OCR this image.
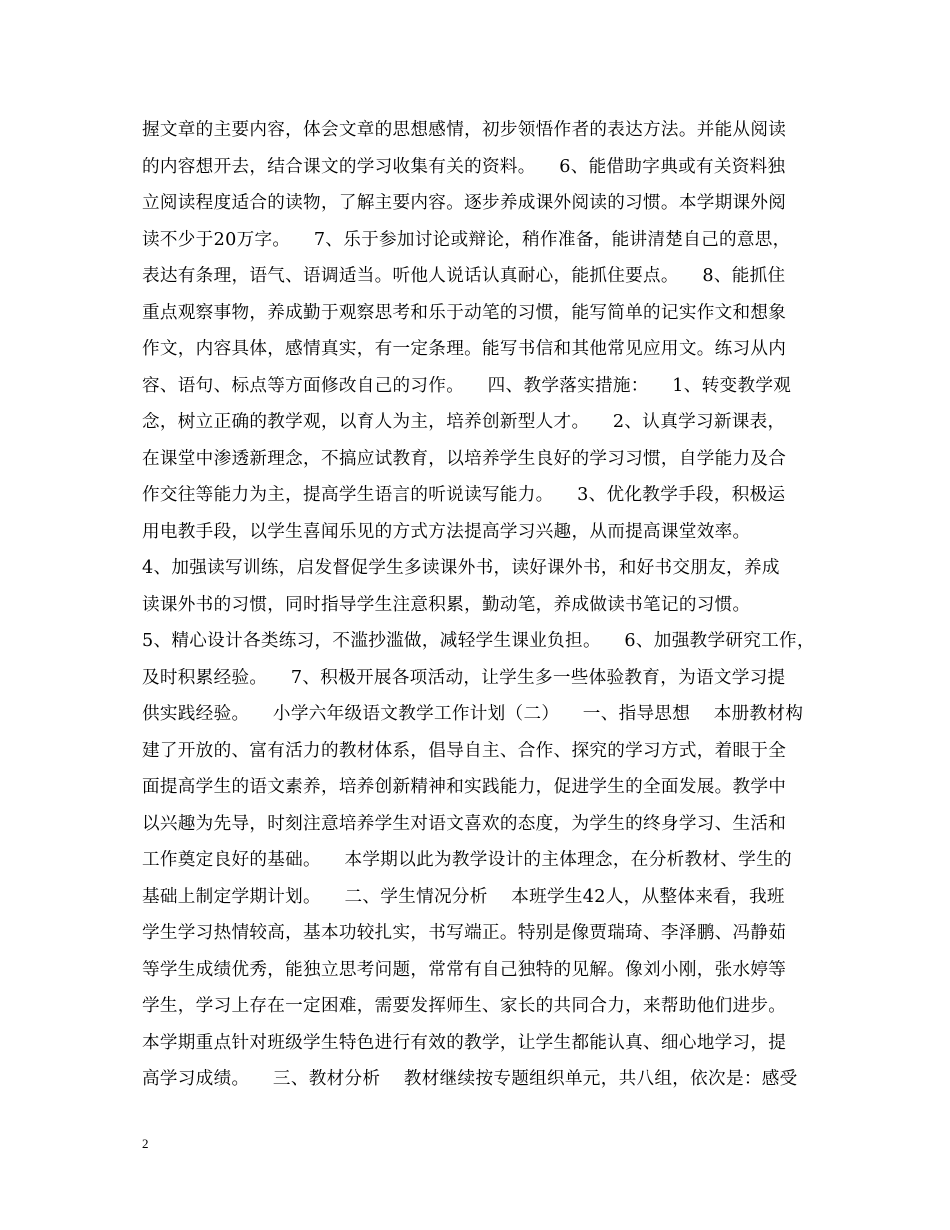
握文章的主要内容，体会文章的思想感情，初步领悟作者的表达方法。并能从阅读
的内容想开去，结合课文的学习收集有关的资料。    6、能借助字典或有关资料独
立阅读程度适合的读物，了解主要内容。逐步养成课外阅读的习惯。本学期课外阅
读不少于20万字。    7、乐于参加讨论或辩论，稍作准备，能讲清楚自己的意思，
表达有条理，语气、语调适当。听他人说话认真耐心，能抓住要点。    8、能抓住
重点观察事物，养成勤于观察思考和乐于动笔的习惯，能写简单的记实作文和想象
作文，内容具体，感情真实，有一定条理。能写书信和其他常见应用文。练习从内
容、语句、标点等方面修改自己的习作。    四、教学落实措施：    1、转变教学观
念，树立正确的教学观，以育人为主，培养创新型人才。    2、认真学习新课表，
在课堂中渗透新理念，不搞应试教育，以培养学生良好的学习习惯，自学能力及合
作交往等能力为主，提高学生语言的听说读写能力。    3、优化教学手段，积极运
用电教手段，以学生喜闻乐见的方式方法提高学习兴趣，从而提高课堂效率。
4、加强读写训练，启发督促学生多读课外书，读好课外书，和好书交朋友，养成
读课外书的习惯，同时指导学生注意积累，勤动笔，养成做读书笔记的习惯。
5、精心设计各类练习，不滥抄滥做，减轻学生课业负担。    6、加强教学研究工作，
及时积累经验。    7、积极开展各项活动，让学生多一些体验教育，为语文学习提
供实践经验。    小学六年级语文教学工作计划（二）    一、指导思想    本册教材构
建了开放的、富有活力的教材体系，倡导自主、合作、探究的学习方式，着眼于全
面提高学生的语文素养，培养创新精神和实践能力，促进学生的全面发展。教学中
以兴趣为先导，时刻注意培养学生对语文喜欢的态度，为学生的终身学习、生活和
工作奠定良好的基础。    本学期以此为教学设计的主体理念，在分析教材、学生的
基础上制定学期计划。    二、学生情况分析    本班学生42人，从整体来看，我班
学生学习热情较高，基本功较扎实，书写端正。特别是像贾瑞琦、李泽鹏、冯静茹
等学生成绩优秀，能独立思考问题，常常有自己独特的见解。像刘小刚，张水婷等
学生，学习上存在一定困难，需要发挥师生、家长的共同合力，来帮助他们进步。
本学期重点针对班级学生特色进行有效的教学，让学生都能认真、细心地学习，提
高学习成绩。    三、教材分析    教材继续按专题组织单元，共八组，依次是：感受
2
